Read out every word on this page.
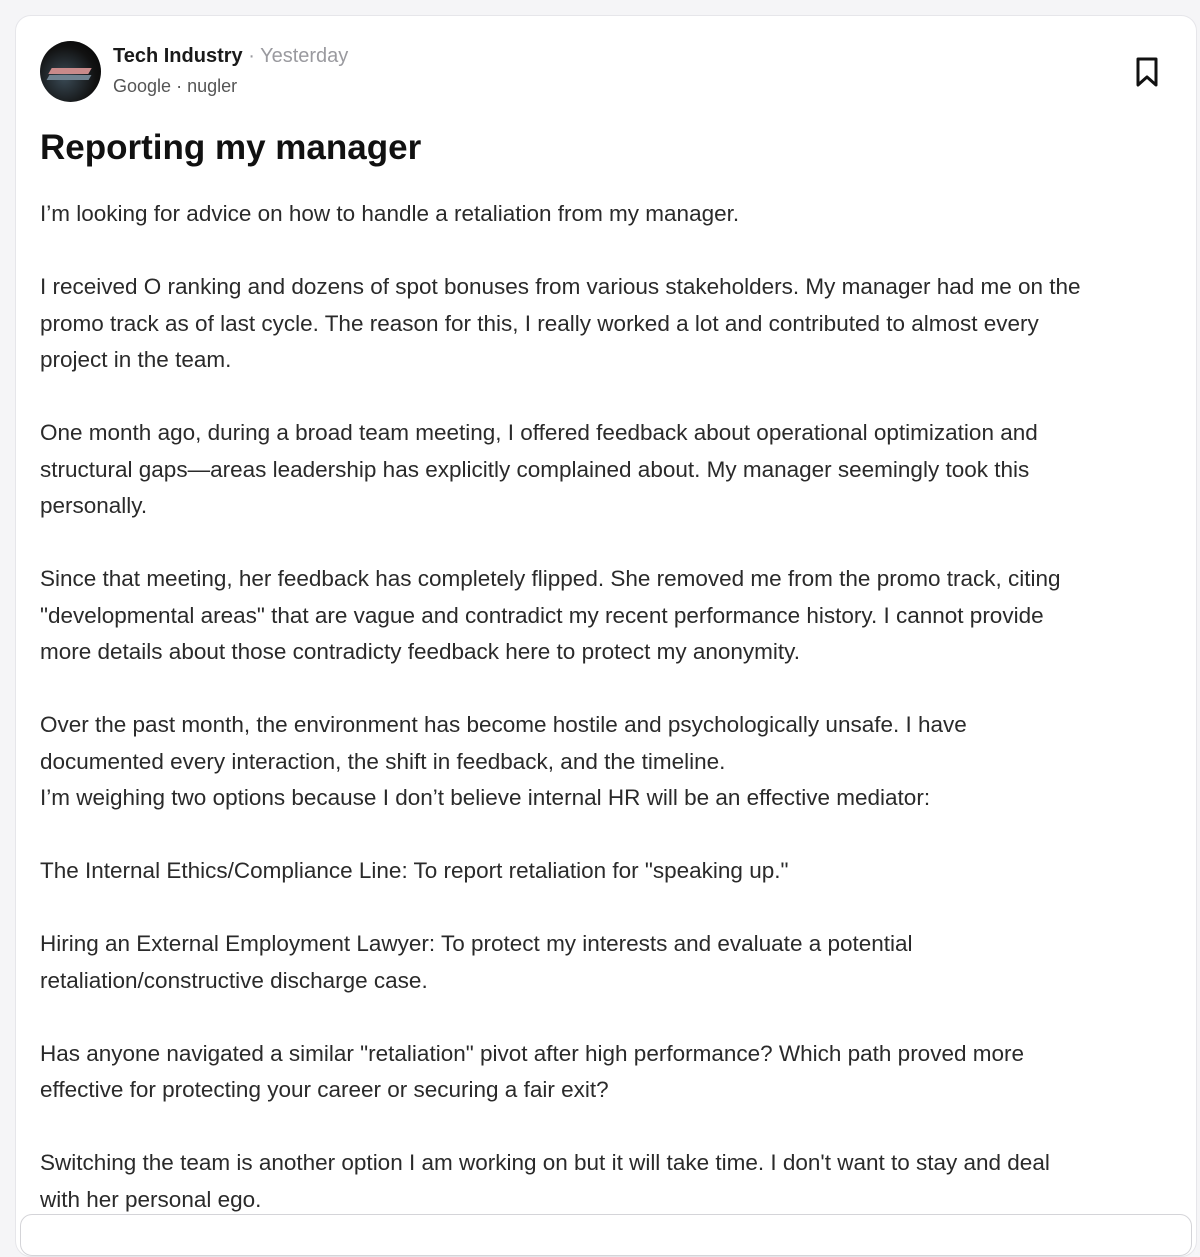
Tech Industry · Yesterday
Google · nugler
Reporting my manager

I’m looking for advice on how to handle a retaliation from my manager.

I received O ranking and dozens of spot bonuses from various stakeholders. My manager had me on the
promo track as of last cycle. The reason for this, I really worked a lot and contributed to almost every
project in the team.

One month ago, during a broad team meeting, I offered feedback about operational optimization and
structural gaps—areas leadership has explicitly complained about. My manager seemingly took this
personally.

Since that meeting, her feedback has completely flipped. She removed me from the promo track, citing
"developmental areas" that are vague and contradict my recent performance history. I cannot provide
more details about those contradicty feedback here to protect my anonymity.

Over the past month, the environment has become hostile and psychologically unsafe. I have
documented every interaction, the shift in feedback, and the timeline.
I’m weighing two options because I don’t believe internal HR will be an effective mediator:

The Internal Ethics/Compliance Line: To report retaliation for "speaking up."

Hiring an External Employment Lawyer: To protect my interests and evaluate a potential
retaliation/constructive discharge case.

Has anyone navigated a similar "retaliation" pivot after high performance? Which path proved more
effective for protecting your career or securing a fair exit?

Switching the team is another option I am working on but it will take time. I don't want to stay and deal
with her personal ego.
